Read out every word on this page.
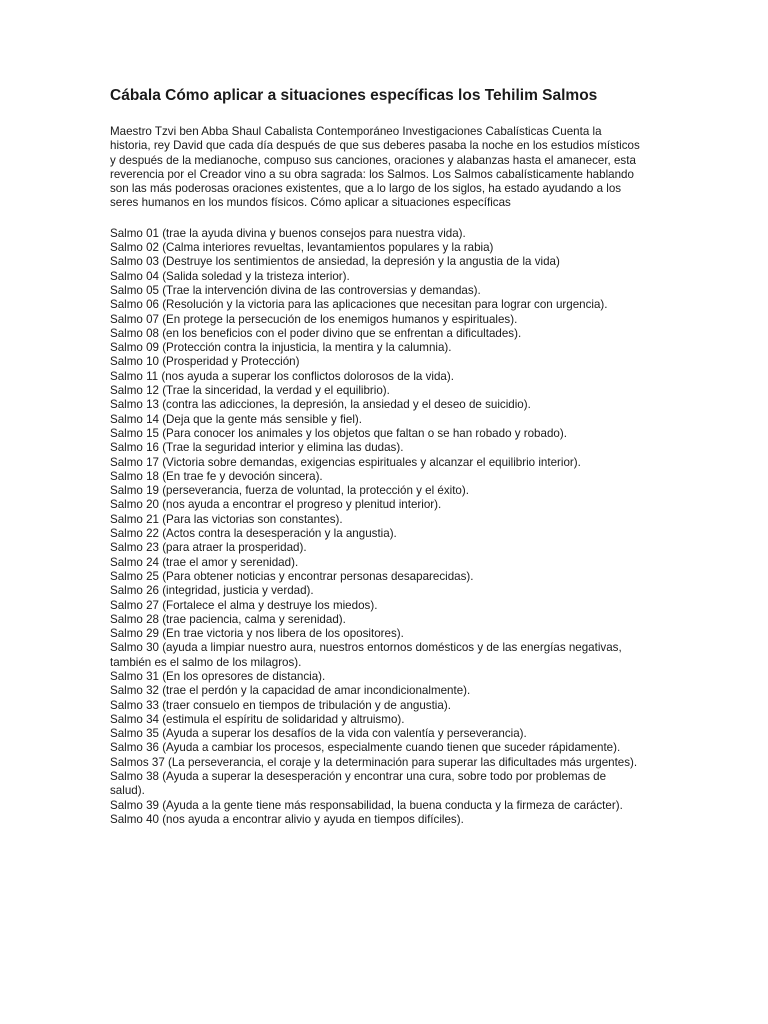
Cábala Cómo aplicar a situaciones específicas los Tehilim Salmos

Maestro Tzvi ben Abba Shaul Cabalista Contemporáneo Investigaciones Cabalísticas Cuenta la historia, rey David que cada día después de que sus deberes pasaba la noche en los estudios místicos y después de la medianoche, compuso sus canciones, oraciones y alabanzas hasta el amanecer, esta reverencia por el Creador vino a su obra sagrada: los Salmos. Los Salmos cabalísticamente hablando son las más poderosas oraciones existentes, que a lo largo de los siglos, ha estado ayudando a los seres humanos en los mundos físicos. Cómo aplicar a situaciones específicas

Salmo 01 (trae la ayuda divina y buenos consejos para nuestra vida).
Salmo 02 (Calma interiores revueltas, levantamientos populares y la rabia)
Salmo 03 (Destruye los sentimientos de ansiedad, la depresión y la angustia de la vida)
Salmo 04 (Salida soledad y la tristeza interior).
Salmo 05 (Trae la intervención divina de las controversias y demandas).
Salmo 06 (Resolución y la victoria para las aplicaciones que necesitan para lograr con urgencia).
Salmo 07 (En protege la persecución de los enemigos humanos y espirituales).
Salmo 08 (en los beneficios con el poder divino que se enfrentan a dificultades).
Salmo 09 (Protección contra la injusticia, la mentira y la calumnia).
Salmo 10 (Prosperidad y Protección)
Salmo 11 (nos ayuda a superar los conflictos dolorosos de la vida).
Salmo 12 (Trae la sinceridad, la verdad y el equilibrio).
Salmo 13 (contra las adicciones, la depresión, la ansiedad y el deseo de suicidio).
Salmo 14 (Deja que la gente más sensible y fiel).
Salmo 15 (Para conocer los animales y los objetos que faltan o se han robado y robado).
Salmo 16 (Trae la seguridad interior y elimina las dudas).
Salmo 17 (Victoria sobre demandas, exigencias espirituales y alcanzar el equilibrio interior).
Salmo 18 (En trae fe y devoción sincera).
Salmo 19 (perseverancia, fuerza de voluntad, la protección y el éxito).
Salmo 20 (nos ayuda a encontrar el progreso y plenitud interior).
Salmo 21 (Para las victorias son constantes).
Salmo 22 (Actos contra la desesperación y la angustia).
Salmo 23 (para atraer la prosperidad).
Salmo 24 (trae el amor y serenidad).
Salmo 25 (Para obtener noticias y encontrar personas desaparecidas).
Salmo 26 (integridad, justicia y verdad).
Salmo 27 (Fortalece el alma y destruye los miedos).
Salmo 28 (trae paciencia, calma y serenidad).
Salmo 29 (En trae victoria y nos libera de los opositores).
Salmo 30 (ayuda a limpiar nuestro aura, nuestros entornos domésticos y de las energías negativas, también es el salmo de los milagros).
Salmo 31 (En los opresores de distancia).
Salmo 32 (trae el perdón y la capacidad de amar incondicionalmente).
Salmo 33 (traer consuelo en tiempos de tribulación y de angustia).
Salmo 34 (estimula el espíritu de solidaridad y altruismo).
Salmo 35 (Ayuda a superar los desafíos de la vida con valentía y perseverancia).
Salmo 36 (Ayuda a cambiar los procesos, especialmente cuando tienen que suceder rápidamente).
Salmos 37 (La perseverancia, el coraje y la determinación para superar las dificultades más urgentes).
Salmo 38 (Ayuda a superar la desesperación y encontrar una cura, sobre todo por problemas de salud).
Salmo 39 (Ayuda a la gente tiene más responsabilidad, la buena conducta y la firmeza de carácter).
Salmo 40 (nos ayuda a encontrar alivio y ayuda en tiempos difíciles).
